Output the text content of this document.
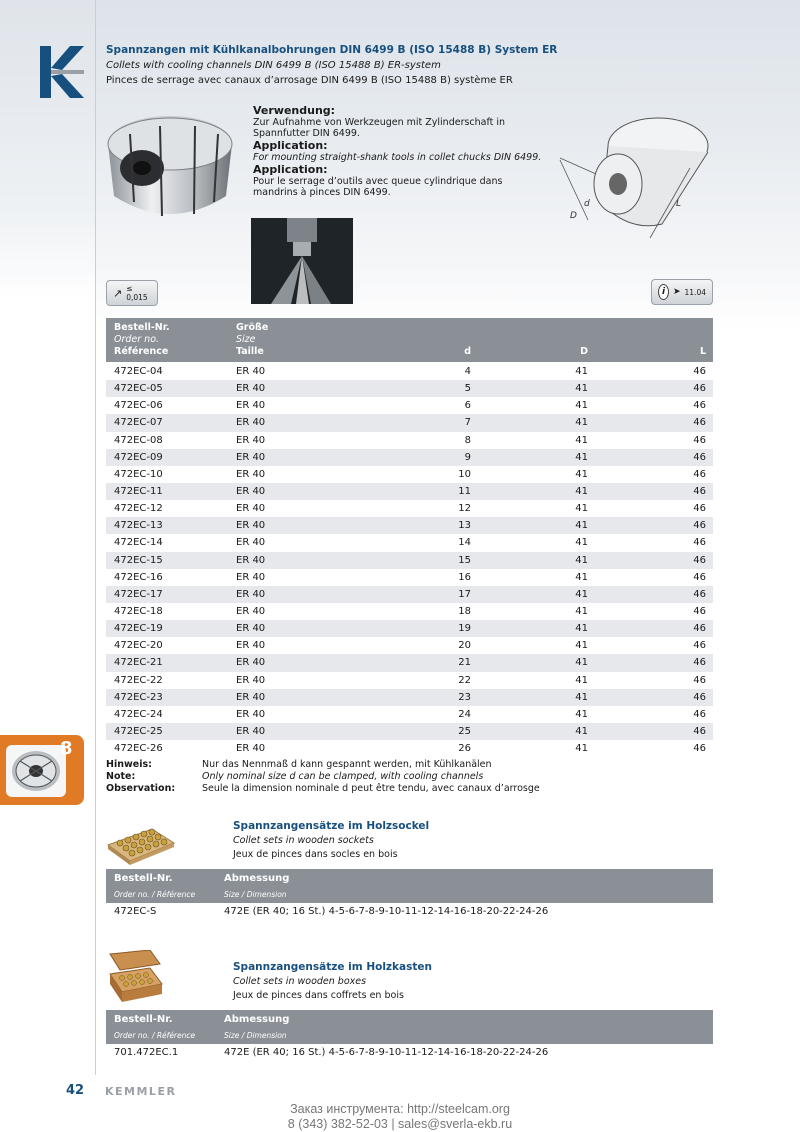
Spannzangen mit Kühlkanalbohrungen DIN 6499 B (ISO 15488 B) System ER
Collets with cooling channels DIN 6499 B (ISO 15488 B) ER-system
Pinces de serrage avec canaux d’arrosage DIN 6499 B (ISO 15488 B) système ER
Verwendung:
Zur Aufnahme von Werkzeugen mit Zylinderschaft in Spannfutter DIN 6499.
Application:
For mounting straight-shank tools in collet chucks DIN 6499.
Application:
Pour le serrage d’outils avec queue cylindrique dans mandrins à pinces DIN 6499.
D
d	L
↗ ≤ 0,015
i ➤ 11.04
Bestell-Nr.
Order no.
Référence
Größe
Size
Taille	d	D	L
472EC-04	ER 40	4	41	46
472EC-05	ER 40	5	41	46
472EC-06	ER 40	6	41	46
472EC-07	ER 40	7	41	46
472EC-08	ER 40	8	41	46
472EC-09	ER 40	9	41	46
472EC-10	ER 40	10	41	46
472EC-11	ER 40	11	41	46
472EC-12	ER 40	12	41	46
472EC-13	ER 40	13	41	46
472EC-14	ER 40	14	41	46
472EC-15	ER 40	15	41	46
472EC-16	ER 40	16	41	46
472EC-17	ER 40	17	41	46
472EC-18	ER 40	18	41	46
472EC-19	ER 40	19	41	46
472EC-20	ER 40	20	41	46
472EC-21	ER 40	21	41	46
472EC-22	ER 40	22	41	46
472EC-23	ER 40	23	41	46
472EC-24	ER 40	24	41	46
472EC-25	ER 40	25	41	46
472EC-26	ER 40	26	41	46
8
Hinweis:	Nur das Nennmaß d kann gespannt werden, mit Kühlkanälen
Note:	Only nominal size d can be clamped, with cooling channels
Observation:	Seule la dimension nominale d peut être tendu, avec canaux d’arrosge
Spannzangensätze im Holzsockel
Collet sets in wooden sockets
Jeux de pinces dans socles en bois
Bestell-Nr.	Abmessung
Order no. / Référence	Size / Dimension
472EC-S	472E (ER 40; 16 St.) 4-5-6-7-8-9-10-11-12-14-16-18-20-22-24-26
Spannzangensätze im Holzkasten
Collet sets in wooden boxes
Jeux de pinces dans coffrets en bois
Bestell-Nr.	Abmessung
Order no. / Référence	Size / Dimension
701.472EC.1	472E (ER 40; 16 St.) 4-5-6-7-8-9-10-11-12-14-16-18-20-22-24-26
42 KEMMLER
Заказ инструмента: http://steelcam.org
8 (343) 382-52-03 | sales@sverla-ekb.ru
